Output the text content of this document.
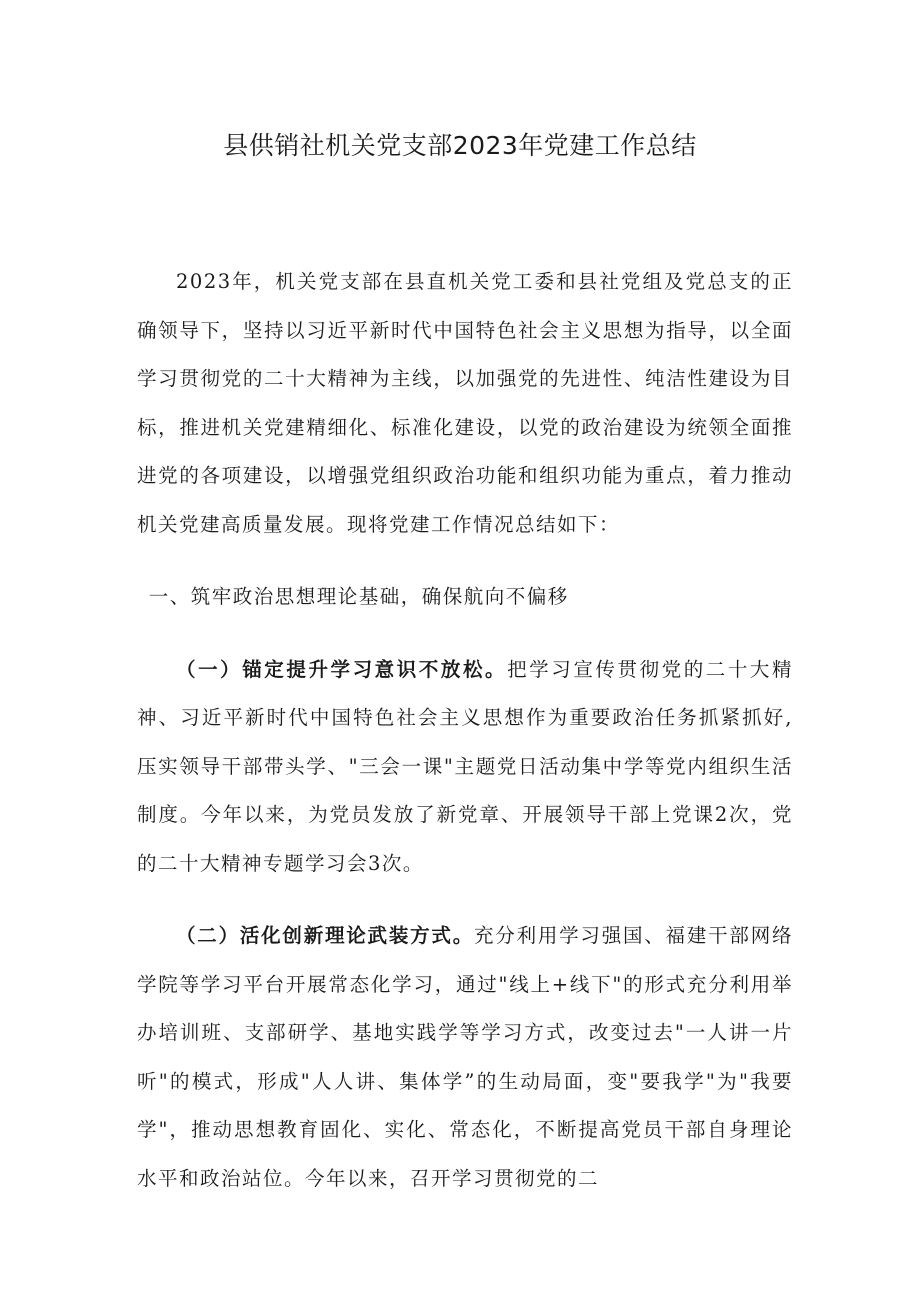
县供销社机关党支部2023年党建工作总结

2023年，机关党支部在县直机关党工委和县社党组及党总支的正确领导下，坚持以习近平新时代中国特色社会主义思想为指导，以全面学习贯彻党的二十大精神为主线，以加强党的先进性、纯洁性建设为目标，推进机关党建精细化、标准化建设，以党的政治建设为统领全面推进党的各项建设，以增强党组织政治功能和组织功能为重点，着力推动机关党建高质量发展。现将党建工作情况总结如下：

一、筑牢政治思想理论基础，确保航向不偏移

（一）锚定提升学习意识不放松。把学习宣传贯彻党的二十大精神、习近平新时代中国特色社会主义思想作为重要政治任务抓紧抓好,压实领导干部带头学、"三会一课"主题党日活动集中学等党内组织生活制度。今年以来，为党员发放了新党章、开展领导干部上党课2次，党的二十大精神专题学习会3次。

（二）活化创新理论武装方式。充分利用学习强国、福建干部网络学院等学习平台开展常态化学习，通过"线上+线下"的形式充分利用举办培训班、支部研学、基地实践学等学习方式，改变过去"一人讲一片听"的模式，形成"人人讲、集体学”的生动局面，变"要我学"为"我要学"，推动思想教育固化、实化、常态化，不断提高党员干部自身理论水平和政治站位。今年以来，召开学习贯彻党的二
